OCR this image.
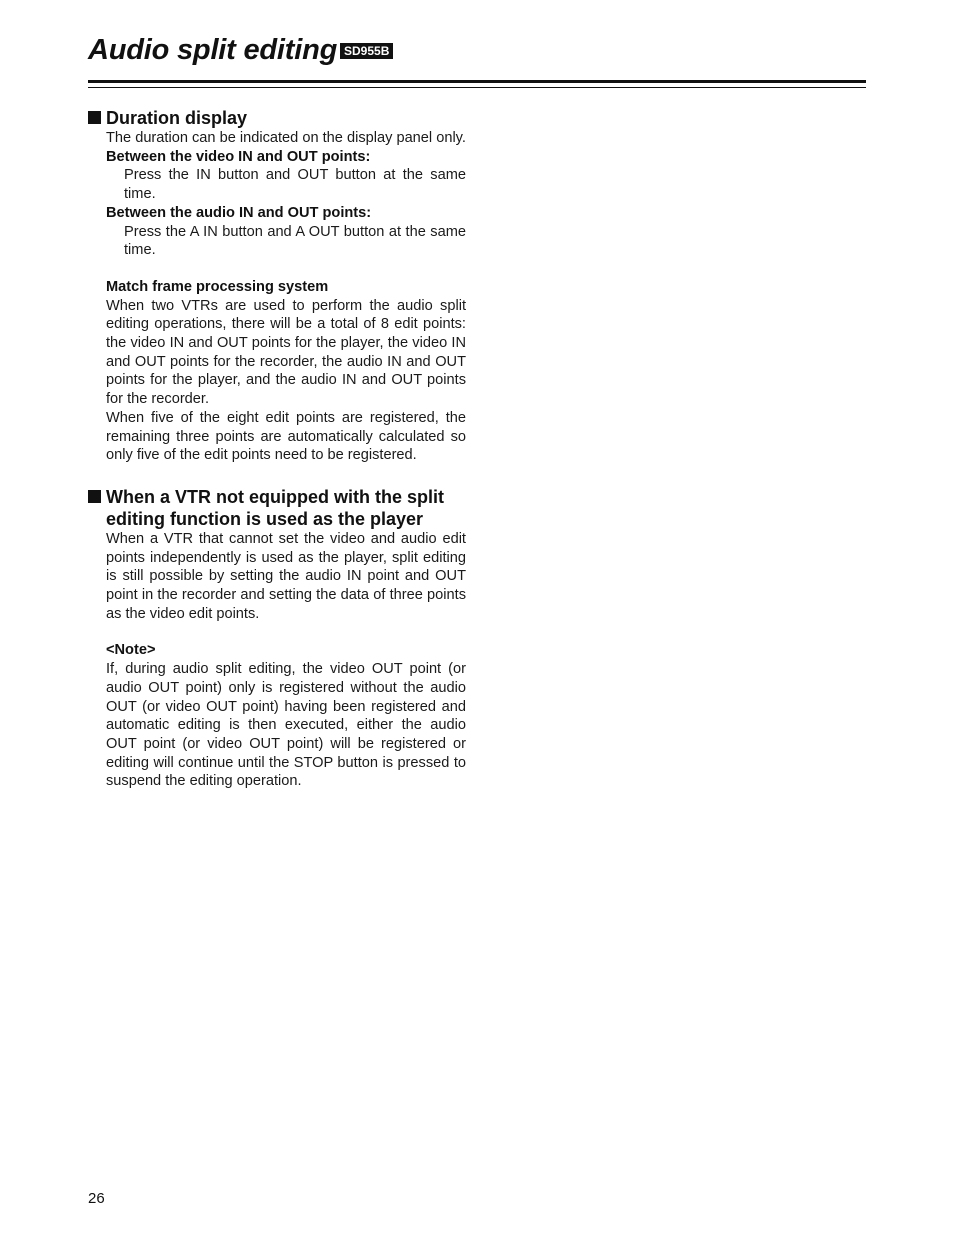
Audio split editing SD955B
Duration display

The duration can be indicated on the display panel only.

Between the video IN and OUT points:

Press the IN button and OUT button at the same time.

Between the audio IN and OUT points:

Press the A IN button and A OUT button at the same time.

Match frame processing system

When two VTRs are used to perform the audio split editing operations, there will be a total of 8 edit points: the video IN and OUT points for the player, the video IN and OUT points for the recorder, the audio IN and OUT points for the player, and the audio IN and OUT points for the recorder.

When five of the eight edit points are registered, the remaining three points are automatically calculated so only five of the edit points need to be registered.

When a VTR not equipped with the split editing function is used as the player

When a VTR that cannot set the video and audio edit points independently is used as the player, split editing is still possible by setting the audio IN point and OUT point in the recorder and setting the data of three points as the video edit points.

<Note>

If, during audio split editing, the video OUT point (or audio OUT point) only is registered without the audio OUT (or video OUT point) having been registered and automatic editing is then executed, either the audio OUT point (or video OUT point) will be registered or editing will continue until the STOP button is pressed to suspend the editing operation.

26
